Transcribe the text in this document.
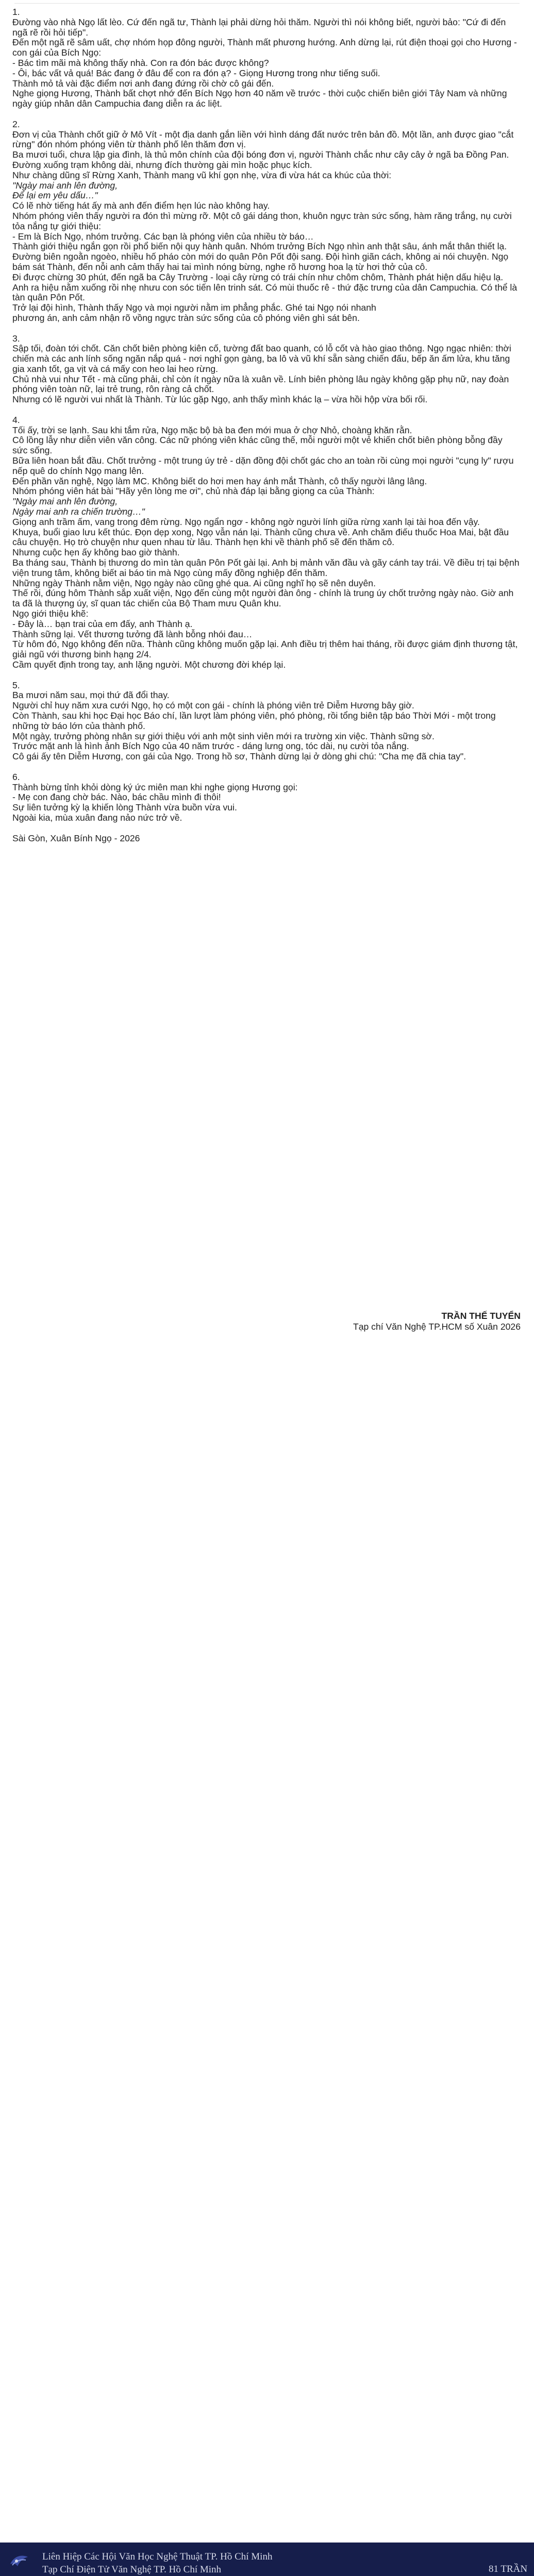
1.

Đường vào nhà Ngọ lất lèo. Cứ đến ngã tư, Thành lại phải dừng hỏi thăm. Người thì nói không biết, người bảo: "Cứ đi đến ngã rẽ rồi hỏi tiếp".

Đến một ngã rẽ sâm uất, chợ nhóm họp đông người, Thành mất phương hướng. Anh dừng lại, rút điện thoại gọi cho Hương - con gái của Bích Ngọ:

- Bác tìm mãi mà không thấy nhà. Con ra đón bác được không?

- Ôi, bác vất vả quá! Bác đang ở đâu để con ra đón ạ? - Giọng Hương trong như tiếng suối.

Thành mỏ tả vài đặc điểm nơi anh đang đứng rồi chờ cô gái đến.

Nghe giọng Hương, Thành bất chợt nhớ đến Bích Ngọ hơn 40 năm về trước - thời cuộc chiến biên giới Tây Nam và những ngày giúp nhân dân Campuchia đang diễn ra ác liệt.

2.

Đơn vị của Thành chốt giữ ở Mô Vít - một địa danh gắn liền với hình dáng đất nước trên bản đồ. Một lần, anh được giao "cắt rừng" đón nhóm phóng viên từ thành phố lên thăm đơn vị.

Ba mươi tuổi, chưa lập gia đình, là thủ môn chính của đội bóng đơn vị, người Thành chắc như cây cây ở ngã ba Đồng Pan. Đường xuống trạm không dài, nhưng đích thường gài mìn hoặc phục kích.

Như chàng dũng sĩ Rừng Xanh, Thành mang vũ khí gọn nhẹ, vừa đi vừa hát ca khúc của thời:

"Ngày mai anh lên đường,

Để lại em yêu dấu…"

Có lẽ nhờ tiếng hát ấy mà anh đến điểm hẹn lúc nào không hay.

Nhóm phóng viên thấy người ra đón thì mừng rỡ. Một cô gái dáng thon, khuôn ngực tràn sức sống, hàm răng trắng, nụ cười tỏa nắng tự giới thiệu:

- Em là Bích Ngọ, nhóm trưởng. Các bạn là phóng viên của nhiều tờ báo…

Thành giới thiệu ngắn gọn rồi phổ biến nội quy hành quân. Nhóm trưởng Bích Ngọ nhìn anh thật sâu, ánh mắt thân thiết lạ.

Đường biên ngoằn ngoèo, nhiều hố pháo còn mới do quân Pôn Pốt đội sang. Đội hình giãn cách, không ai nói chuyện. Ngọ bám sát Thành, đến nỗi anh cảm thấy hai tai mình nóng bừng, nghe rõ hương hoa lạ từ hơi thở của cô.

Đi được chừng 30 phút, đến ngã ba Cây Trường - loại cây rừng có trái chín như chôm chôm, Thành phát hiện dấu hiệu lạ. Anh ra hiệu nằm xuống rồi nhẹ nhưu con sóc tiến lên trinh sát. Có mùi thuốc rê - thứ đặc trưng của dân Campuchia. Có thể là tàn quân Pôn Pốt.

Trở lại đội hình, Thành thấy Ngọ và mọi người nằm im phẳng phắc. Ghé tai Ngọ nói nhanh

phương án, anh cảm nhận rõ vồng ngực tràn sức sống của cô phóng viên ghì sát bên.

3.

Sập tối, đoàn tới chốt. Căn chốt biên phòng kiên cố, tường đất bao quanh, có lỗ cốt và hào giao thông. Ngọ ngạc nhiên: thời chiến mà các anh lính sống ngăn nắp quá - nơi nghỉ gọn gàng, ba lô và vũ khí sẵn sàng chiến đấu, bếp ăn ấm lửa, khu tăng gia xanh tốt, ga vịt và cá mấy con heo lai heo rừng.

Chủ nhà vui như Tết - mà cũng phải, chỉ còn ít ngày nữa là xuân về. Lính biên phòng lâu ngày không gặp phụ nữ, nay đoàn phóng viên toàn nữ, lại trẻ trung, rôn ràng cả chốt.

Nhưng có lẽ người vui nhất là Thành. Từ lúc gặp Ngọ, anh thấy mình khác lạ – vừa hồi hộp vừa bối rối.

4.

Tối ấy, trời se lạnh. Sau khi tắm rửa, Ngọ mặc bộ bà ba đen mới mua ở chợ Nhỏ, choàng khăn rằn.

Cô lồng lẫy như diễn viên văn công. Các nữ phóng viên khác cũng thế, mỗi người một vẻ khiến chốt biên phòng bỗng đầy sức sống.

Bữa liên hoan bắt đầu. Chốt trưởng - một trung úy trẻ - dặn đồng đội chốt gác cho an toàn rồi cùng mọi người "cụng ly" rượu nếp quê do chính Ngọ mang lên.

Đến phần văn nghệ, Ngọ làm MC. Không biết do hơi men hay ánh mắt Thành, cô thấy người lâng lâng.

Nhóm phóng viên hát bài "Hãy yên lòng me ơi", chủ nhà đáp lại bằng giọng ca của Thành:

"Ngày mai anh lên đường,

Ngày mai anh ra chiến trường…"

Giọng anh trầm ấm, vang trong đêm rừng. Ngọ ngẩn ngơ - không ngờ người lính giữa rừng xanh lại tài hoa đến vậy.

Khuya, buổi giao lưu kết thúc. Đọn dẹp xong, Ngọ vẫn nán lại. Thành cũng chưa về. Anh chăm điếu thuốc Hoa Mai, bật đầu câu chuyện. Họ trò chuyện như quen nhau từ lâu. Thành hẹn khi về thành phố sẽ đến thăm cô.

Nhưng cuộc hẹn ấy không bao giờ thành.

Ba tháng sau, Thành bị thương do mìn tàn quân Pôn Pốt gài lại. Anh bị mảnh văn đầu và gãy cánh tay trái. Về điều trị tại bệnh viện trung tâm, không biết ai báo tin mà Ngọ cùng mấy đồng nghiệp đến thăm.

Những ngày Thành nằm viện, Ngọ ngày nào cũng ghé qua. Ai cũng nghĩ họ sẽ nên duyên.

Thế rồi, đúng hôm Thành sắp xuất viện, Ngọ đến cùng một người đàn ông - chính là trung úy chốt trưởng ngày nào. Giờ anh ta đã là thượng úy, sĩ quan tác chiến của Bộ Tham mưu Quân khu.

Ngọ giới thiệu khẽ:

- Đây là… bạn trai của em đấy, anh Thành ạ.

Thành sững lại. Vết thương tưởng đã lành bỗng nhói đau…

Từ hôm đó, Ngọ không đến nữa. Thành cũng không muốn gặp lại. Anh điều trị thêm hai tháng, rồi được giám định thương tật, giải ngũ với thương binh hạng 2/4.

Cầm quyết định trong tay, anh lặng người. Một chương đời khép lại.

5.

Ba mươi năm sau, mọi thứ đã đổi thay.

Người chỉ huy năm xưa cưới Ngọ, họ có một con gái - chính là phóng viên trẻ Diễm Hương bây giờ.

Còn Thành, sau khi học Đại học Báo chí, lần lượt làm phóng viên, phó phòng, rồi tổng biên tập báo Thời Mới - một trong những tờ báo lớn của thành phố.

Một ngày, trưởng phòng nhân sự giới thiệu với anh một sinh viên mới ra trường xin việc. Thành sững sờ.

Trước mặt anh là hình ảnh Bích Ngọ của 40 năm trước - dáng lưng ong, tóc dài, nụ cười tỏa nắng.

Cô gái ấy tên Diễm Hương, con gái của Ngọ. Trong hồ sơ, Thành dừng lại ở dòng ghi chú: "Cha mẹ đã chia tay".

6.

Thành bừng tỉnh khỏi dòng ký ức miên man khi nghe giọng Hương gọi:

- Mẹ con đang chờ bác. Nào, bác chầu mình đi thôi!

Sự liên tưởng kỳ lạ khiến lòng Thành vừa buồn vừa vui.

Ngoài kia, mùa xuân đang nảo nức trở về.

Sài Gòn, Xuân Bính Ngọ - 2026

TRẦN THẾ TUYỂN
Tạp chí Văn Nghệ TP.HCM số Xuân 2026
Liên Hiệp Các Hội Văn Học Nghệ Thuật TP. Hồ Chí Minh
Tạp Chí Điện Tử Văn Nghệ TP. Hồ Chí Minh	81 TRẦN
